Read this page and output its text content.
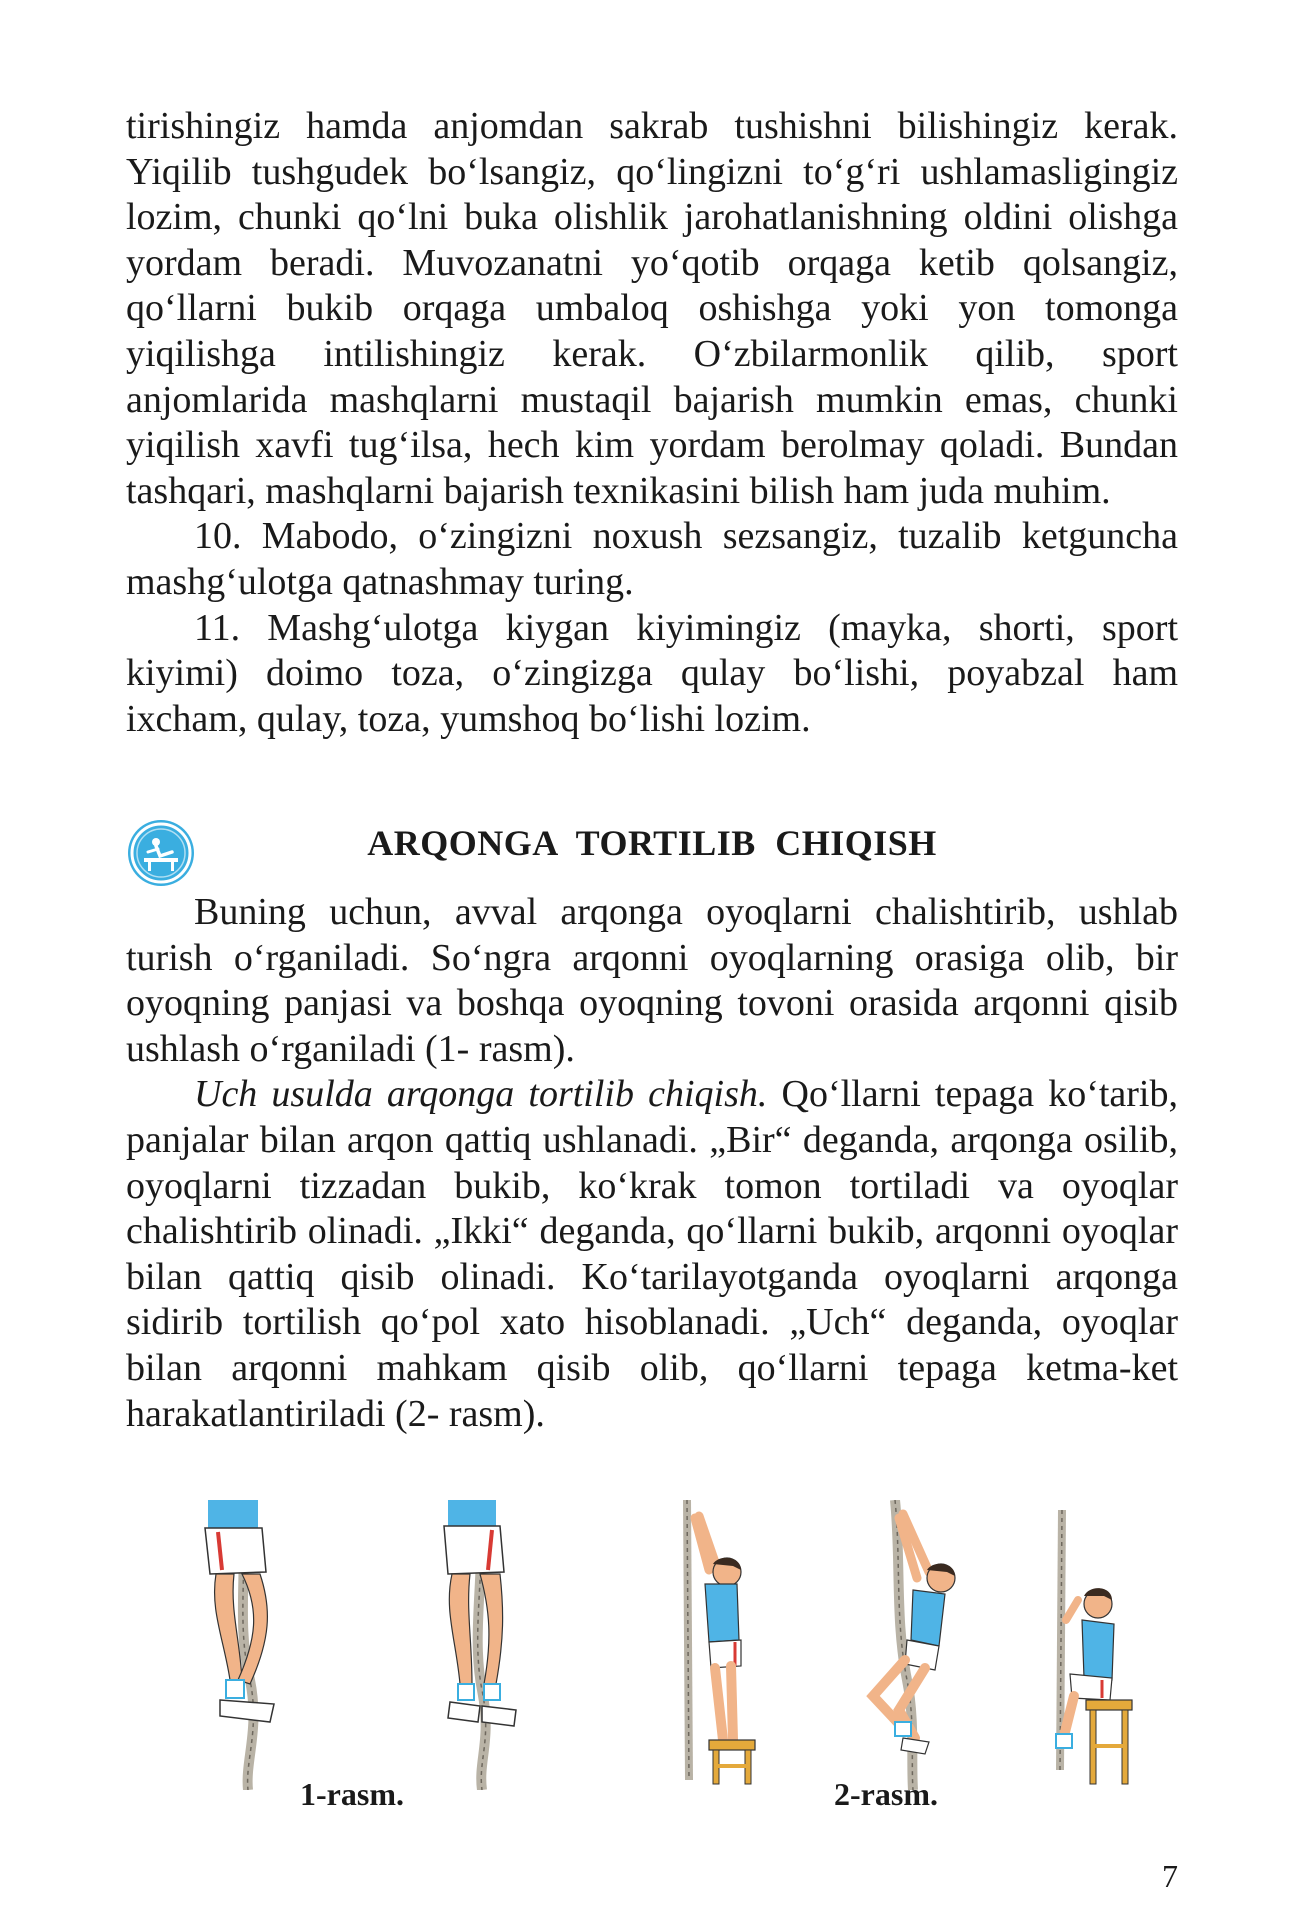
tirishingiz hamda anjomdan sakrab tushishni bilishingiz kerak. Yiqilib tushgudek bo‘lsangiz, qo‘lingizni to‘g‘ri ushlamasligingiz lozim, chunki qo‘lni buka olishlik jarohatlanishning oldini olishga yordam beradi. Muvozanatni yo‘qotib orqaga ketib qolsangiz, qo‘llarni bukib orqaga umbaloq oshishga yoki yon tomonga yiqilishga intilishingiz kerak. O‘zbilarmonlik qilib, sport anjomlarida mashqlarni mustaqil bajarish mumkin emas, chunki yiqilish xavfi tug‘ilsa, hech kim yordam berolmay qoladi. Bundan tashqari, mashqlarni bajarish texnikasini bilish ham juda muhim.

10. Mabodo, o‘zingizni noxush sezsangiz, tuzalib ketguncha mashg‘ulotga qatnashmay turing.

11. Mashg‘ulotga kiygan kiyimingiz (mayka, shorti, sport kiyimi) doimo toza, o‘zingizga qulay bo‘lishi, poyabzal ham ixcham, qulay, toza, yumshoq bo‘lishi lozim.

ARQONGA TORTILIB CHIQISH

Buning uchun, avval arqonga oyoqlarni chalishtirib, ushlab turish o‘rganiladi. So‘ngra arqonni oyoqlarning orasiga olib, bir oyoqning panjasi va boshqa oyoqning tovoni orasida arqonni qisib ushlash o‘rganiladi (1- rasm).

Uch usulda arqonga tortilib chiqish. Qo‘llarni tepaga ko‘tarib, panjalar bilan arqon qattiq ushlanadi. „Bir“ deganda, arqonga osilib, oyoqlarni tizzadan bukib, ko‘krak tomon tortiladi va oyoqlar chalishtirib olinadi. „Ikki“ deganda, qo‘llarni bukib, arqonni oyoqlar bilan qattiq qisib olinadi. Ko‘tarilayotganda oyoqlarni arqonga sidirib tortilish qo‘pol xato hisoblanadi. „Uch“ deganda, oyoqlar bilan arqonni mahkam qisib olib, qo‘llarni tepaga ketma-ket harakatlantiriladi (2- rasm).

1-rasm.	2-rasm.
7
